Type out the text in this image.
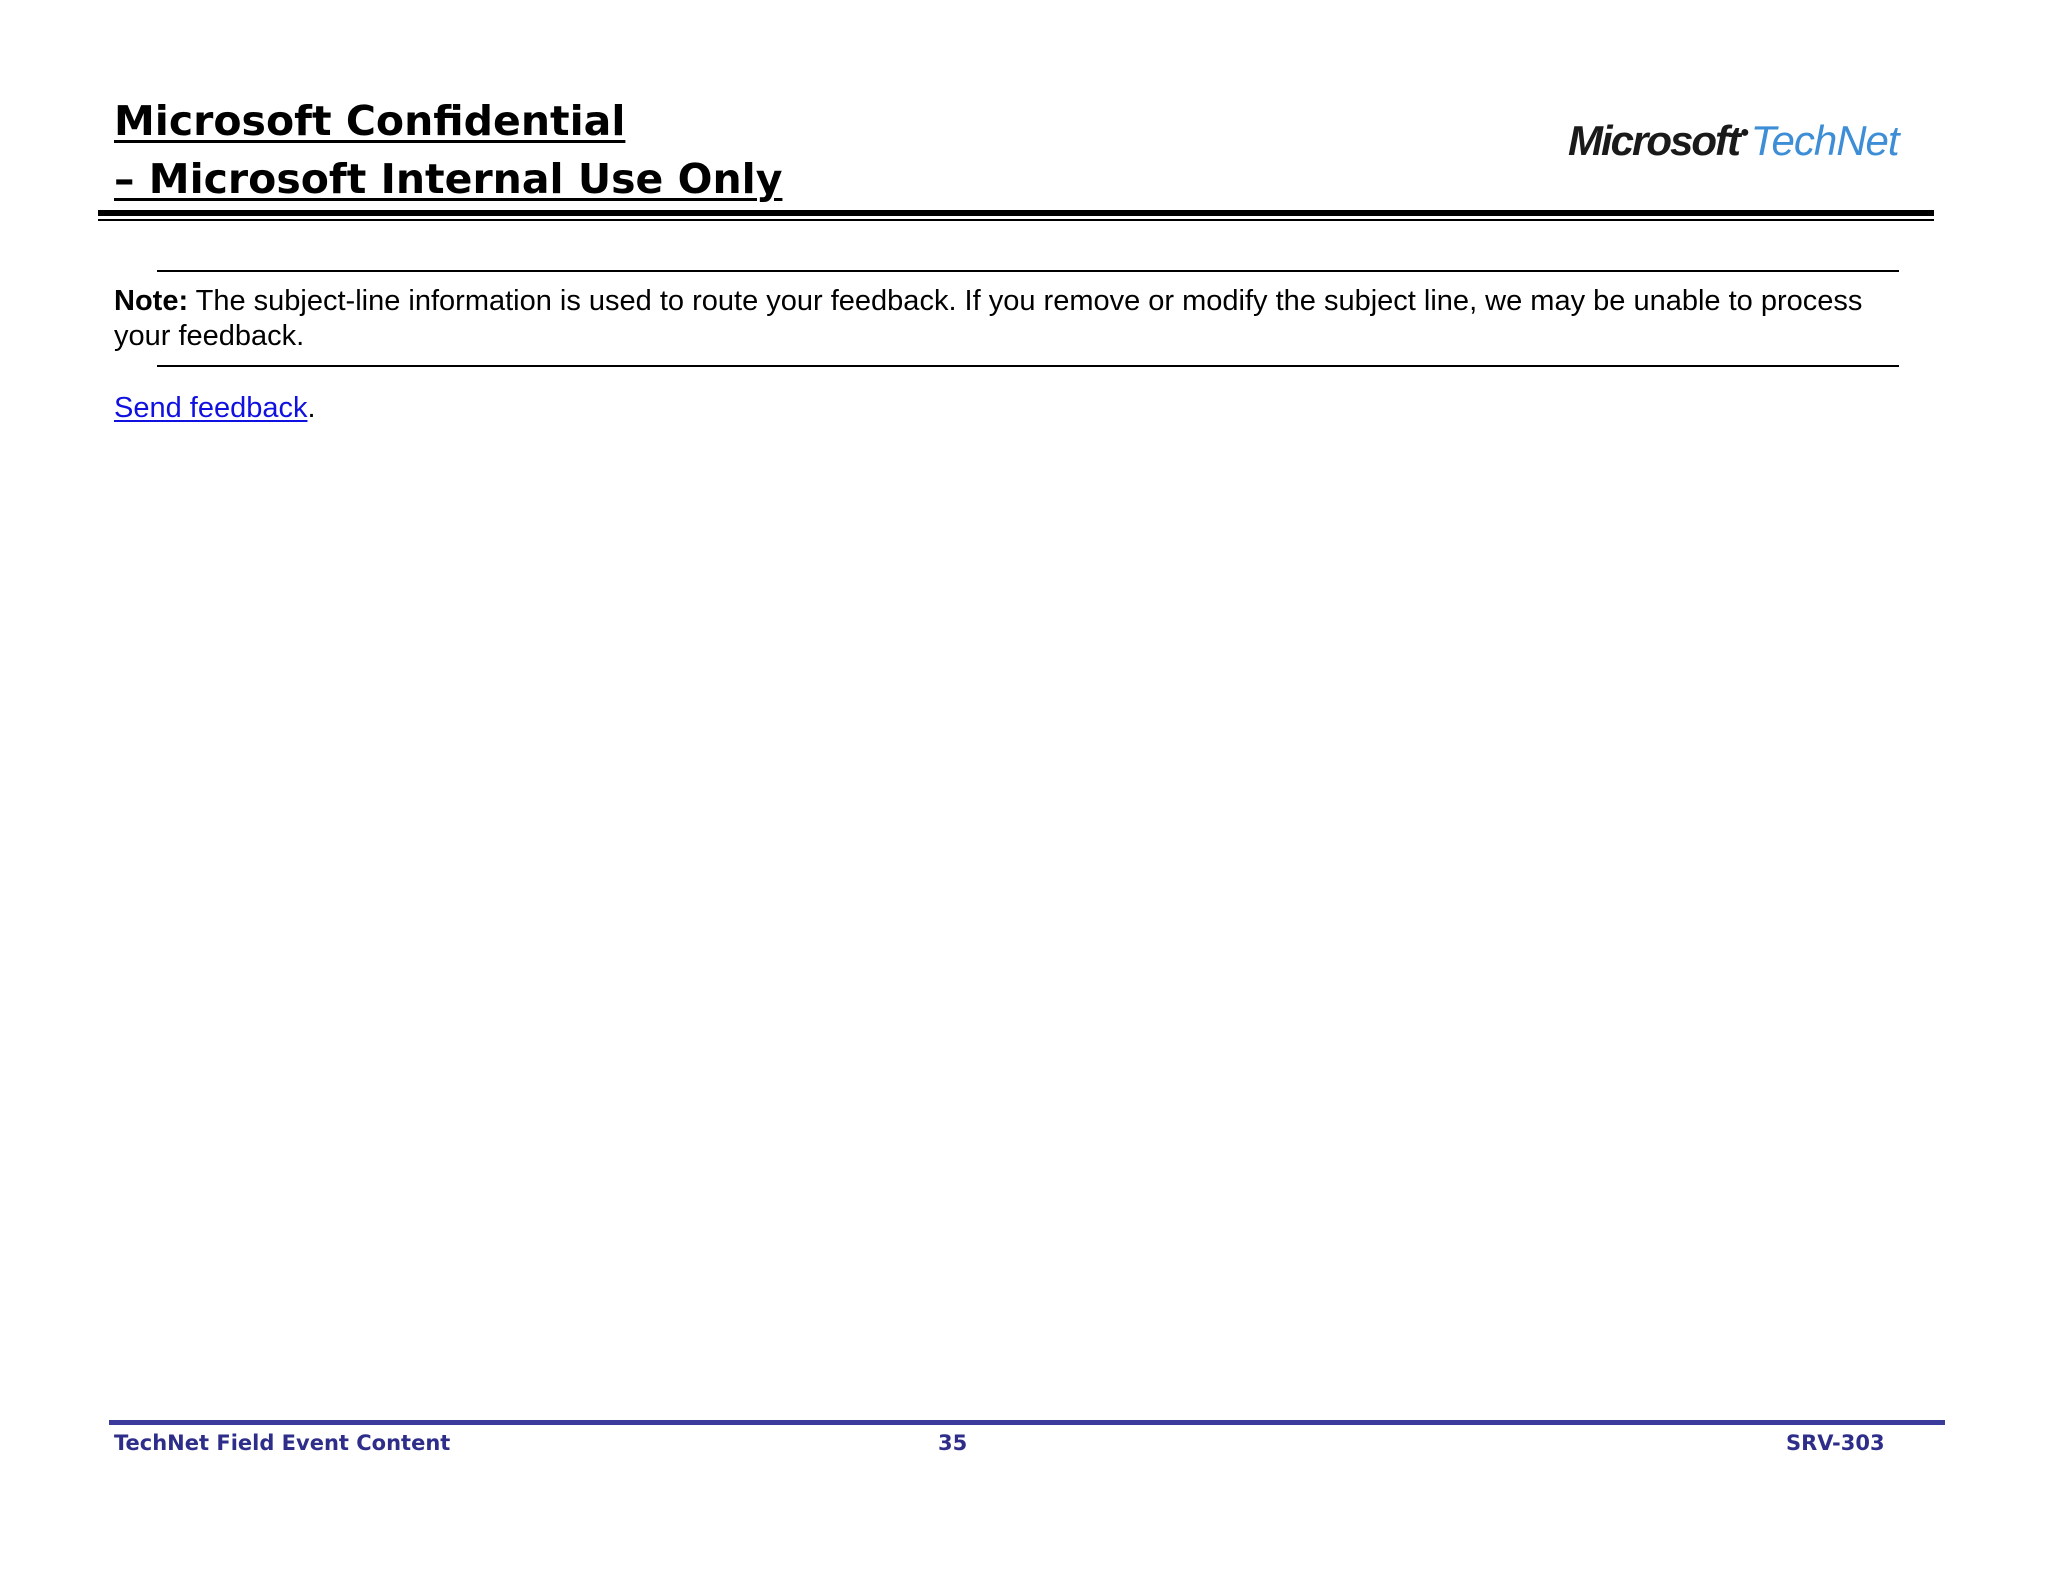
Microsoft Confidential
– Microsoft Internal Use Only
Microsoft●TechNet

Note: The subject-line information is used to route your feedback. If you remove or modify the subject line, we may be unable to process your feedback.

Send feedback.
TechNet Field Event Content	35	SRV-303
